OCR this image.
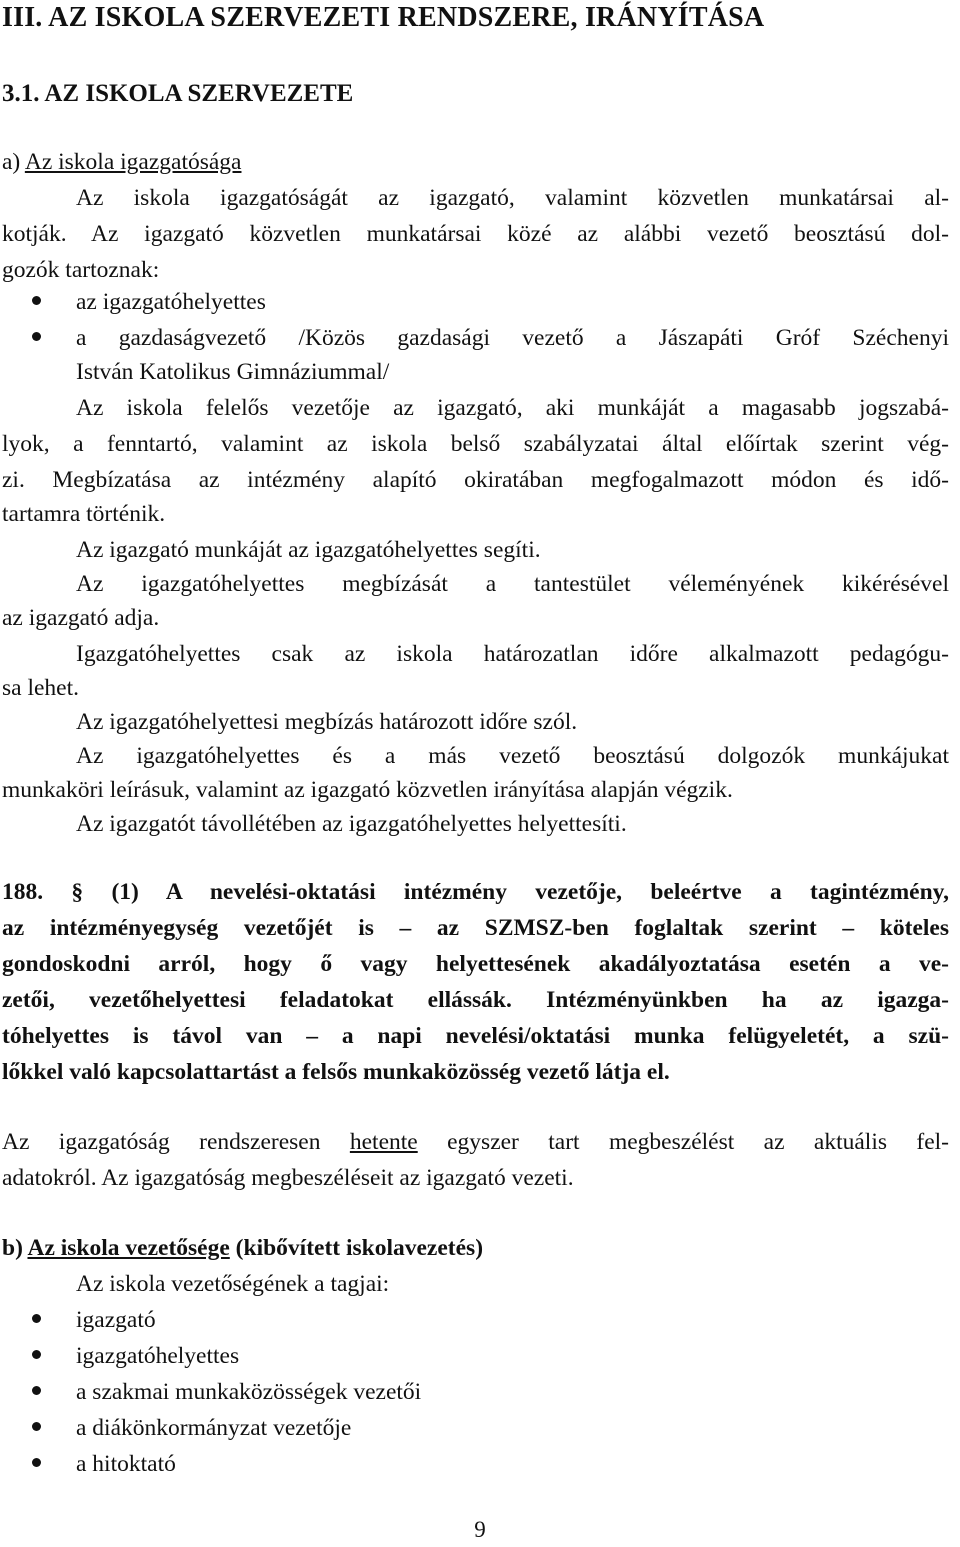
III. AZ ISKOLA SZERVEZETI RENDSZERE, IRÁNYÍTÁSA
3.1. AZ ISKOLA SZERVEZETE
a) Az iskola igazgatósága
Az iskola igazgatóságát az igazgató, valamint közvetlen munkatársai al-
kotják. Az igazgató közvetlen munkatársai közé az alábbi vezető beosztású dol-
gozók tartoznak:
az igazgatóhelyettes
a gazdaságvezető /Közös gazdasági vezető a Jászapáti Gróf Széchenyi
István Katolikus Gimnáziummal/
Az iskola felelős vezetője az igazgató, aki munkáját a magasabb jogszabá-
lyok, a fenntartó, valamint az iskola belső szabályzatai által előírtak szerint vég-
zi. Megbízatása az intézmény alapító okiratában megfogalmazott módon és idő-
tartamra történik.
Az igazgató munkáját az igazgatóhelyettes segíti.
Az igazgatóhelyettes megbízását a tantestület véleményének kikérésével
az igazgató adja.
Igazgatóhelyettes csak az iskola határozatlan időre alkalmazott pedagógu-
sa lehet.
Az igazgatóhelyettesi megbízás határozott időre szól.
Az igazgatóhelyettes és a más vezető beosztású dolgozók munkájukat
munkaköri leírásuk, valamint az igazgató közvetlen irányítása alapján végzik.
Az igazgatót távollétében az igazgatóhelyettes helyettesíti.
188. § (1) A nevelési-oktatási intézmény vezetője, beleértve a tagintézmény,
az intézményegység vezetőjét is – az SZMSZ-ben foglaltak szerint – köteles
gondoskodni arról, hogy ő vagy helyettesének akadályoztatása esetén a ve-
zetői, vezetőhelyettesi feladatokat ellássák. Intézményünkben ha az igazga-
tóhelyettes is távol van – a napi nevelési/oktatási munka felügyeletét, a szü-
lőkkel való kapcsolattartást a felsős munkaközösség vezető látja el.
Az igazgatóság rendszeresen hetente egyszer tart megbeszélést az aktuális fel-
adatokról. Az igazgatóság megbeszéléseit az igazgató vezeti.
b) Az iskola vezetősége (kibővített iskolavezetés)
Az iskola vezetőségének a tagjai:
igazgató
igazgatóhelyettes
a szakmai munkaközösségek vezetői
a diákönkormányzat vezetője
a hitoktató
9
